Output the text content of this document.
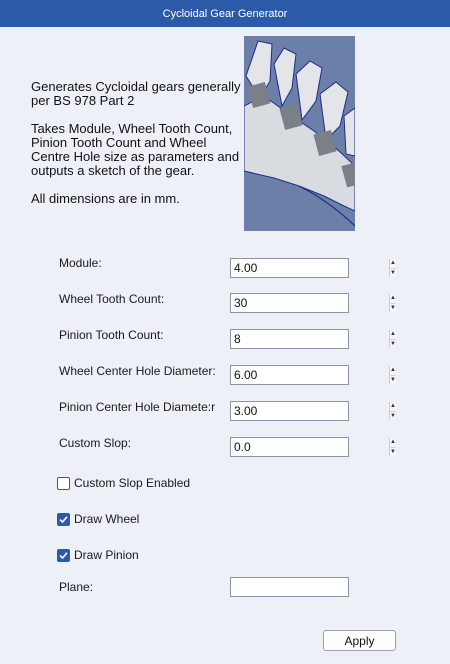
Cycloidal Gear Generator

Generates Cycloidal gears generally per BS 978 Part 2

Takes Module, Wheel Tooth Count, Pinion Tooth Count and Wheel Centre Hole size as parameters and outputs a sketch of the gear.

All dimensions are in mm.

Module:
4.00	▲
▼
Wheel Tooth Count:
30	▲
▼
Pinion Tooth Count:
8	▲
▼
Wheel Center Hole Diameter:
6.00	▲
▼
Pinion Center Hole Diamete:r
3.00	▲
▼
Custom Slop:
0.0	▲
▼
Custom Slop Enabled
Draw Wheel
Draw Pinion
Plane:
Apply
